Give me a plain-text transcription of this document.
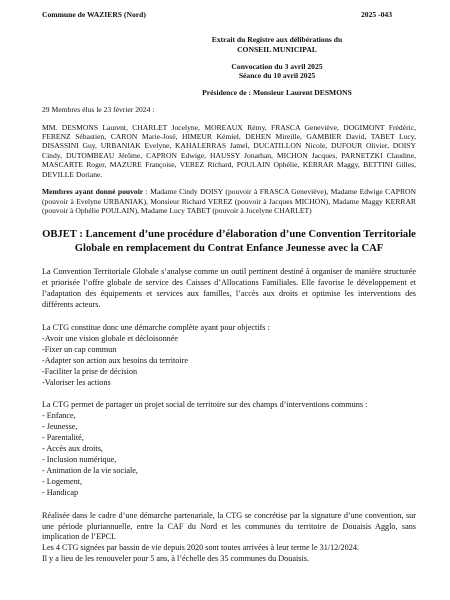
Commune de WAZIERS (Nord)	2025 -043
Extrait du Registre aux délibérations du
CONSEIL MUNICIPAL
Convocation du 3 avril 2025
Séance du 10 avril 2025
Présidence de : Monsieur Laurent DESMONS
29 Membres élus le 23 février 2024 :
MM. DESMONS Laurent, CHARLET Jocelyne, MOREAUX Rémy, FRASCA Geneviève, DOGIMONT Frédéric, FERENZ Sébastien, CARON Marie-José, HIMEUR Kémiel, DEHEN Mireille, GAMBIER David, TABET Lucy, DISASSINI Guy, URBANIAK Evelyne, KAHALERRAS Jamel, DUCATILLON Nicole, DUFOUR Olivier, DOISY Cindy, DUTOMBEAU Jérôme, CAPRON Edwige, HAUSSY Jonathan, MICHON Jacques, PARNETZKI Claudine, MASCARTE Roger, MAZURE Françoise, VEREZ Richard, POULAIN Ophélie, KERRAR Maggy, BETTINI Gilles, DEVILLE Doriane.
Membres ayant donné pouvoir : Madame Cindy DOISY (pouvoir à FRASCA Geneviève), Madame Edwige CAPRON (pouvoir à Evelyne URBANIAK), Monsieur Richard VEREZ (pouvoir à Jacques MICHON), Madame Maggy KERRAR (pouvoir à Ophélie POULAIN), Madame Lucy TABET (pouvoir à Jocelyne CHARLET)
OBJET : Lancement d’une procédure d’élaboration d’une Convention Territoriale Globale en remplacement du Contrat Enfance Jeunesse avec la CAF

La Convention Territoriale Globale s’analyse comme un outil pertinent destiné à organiser de manière structurée et priorisée l’offre globale de service des Caisses d’Allocations Familiales. Elle favorise le développement et l’adaptation des équipements et services aux familles, l’accès aux droits et optimise les interventions des différents acteurs.

La CTG constitue donc une démarche complète ayant pour objectifs :

-Avoir une vision globale et décloisonnée
-Fixer un cap commun
-Adapter son action aux besoins du territoire
-Faciliter la prise de décision
-Valoriser les actions

La CTG permet de partager un projet social de territoire sur des champs d’interventions communs :

- Enfance,
- Jeunesse,
- Parentalité,
- Accès aux droits,
- Inclusion numérique,
- Animation de la vie sociale,
- Logement,
- Handicap

Réalisée dans le cadre d’une démarche partenariale, la CTG se concrétise par la signature d’une convention, sur une période pluriannuelle, entre la CAF du Nord et les communes du territoire de Douaisis Agglo, sans implication de l’EPCI.

Les 4 CTG signées par bassin de vie depuis 2020 sont toutes arrivées à leur terme le 31/12/2024.

Il y a lieu de les renouveler pour 5 ans, à l’échelle des 35 communes du Douaisis.
